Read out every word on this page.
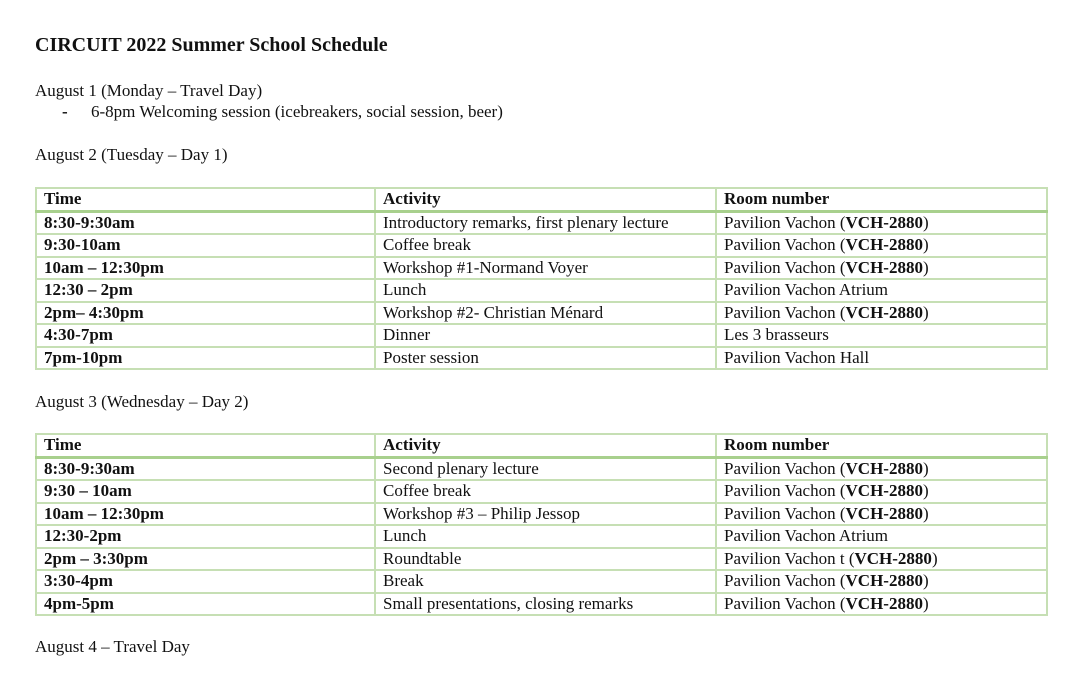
CIRCUIT 2022 Summer School Schedule

August 1 (Monday – Travel Day)

- 6-8pm Welcoming session (icebreakers, social session, beer)

August 2 (Tuesday – Day 1)

Time	Activity	Room number
8:30-9:30am	Introductory remarks, first plenary lecture	Pavilion Vachon (VCH-2880)
9:30-10am	Coffee break	Pavilion Vachon (VCH-2880)
10am – 12:30pm	Workshop #1-Normand Voyer	Pavilion Vachon (VCH-2880)
12:30 – 2pm	Lunch	Pavilion Vachon Atrium
2pm– 4:30pm	Workshop #2- Christian Ménard	Pavilion Vachon (VCH-2880)
4:30-7pm	Dinner	Les 3 brasseurs
7pm-10pm	Poster session	Pavilion Vachon Hall

August 3 (Wednesday – Day 2)

Time	Activity	Room number
8:30-9:30am	Second plenary lecture	Pavilion Vachon (VCH-2880)
9:30 – 10am	Coffee break	Pavilion Vachon (VCH-2880)
10am – 12:30pm	Workshop #3 – Philip Jessop	Pavilion Vachon (VCH-2880)
12:30-2pm	Lunch	Pavilion Vachon Atrium
2pm – 3:30pm	Roundtable	Pavilion Vachon t (VCH-2880)
3:30-4pm	Break	Pavilion Vachon (VCH-2880)
4pm-5pm	Small presentations, closing remarks	Pavilion Vachon (VCH-2880)

August 4 – Travel Day
